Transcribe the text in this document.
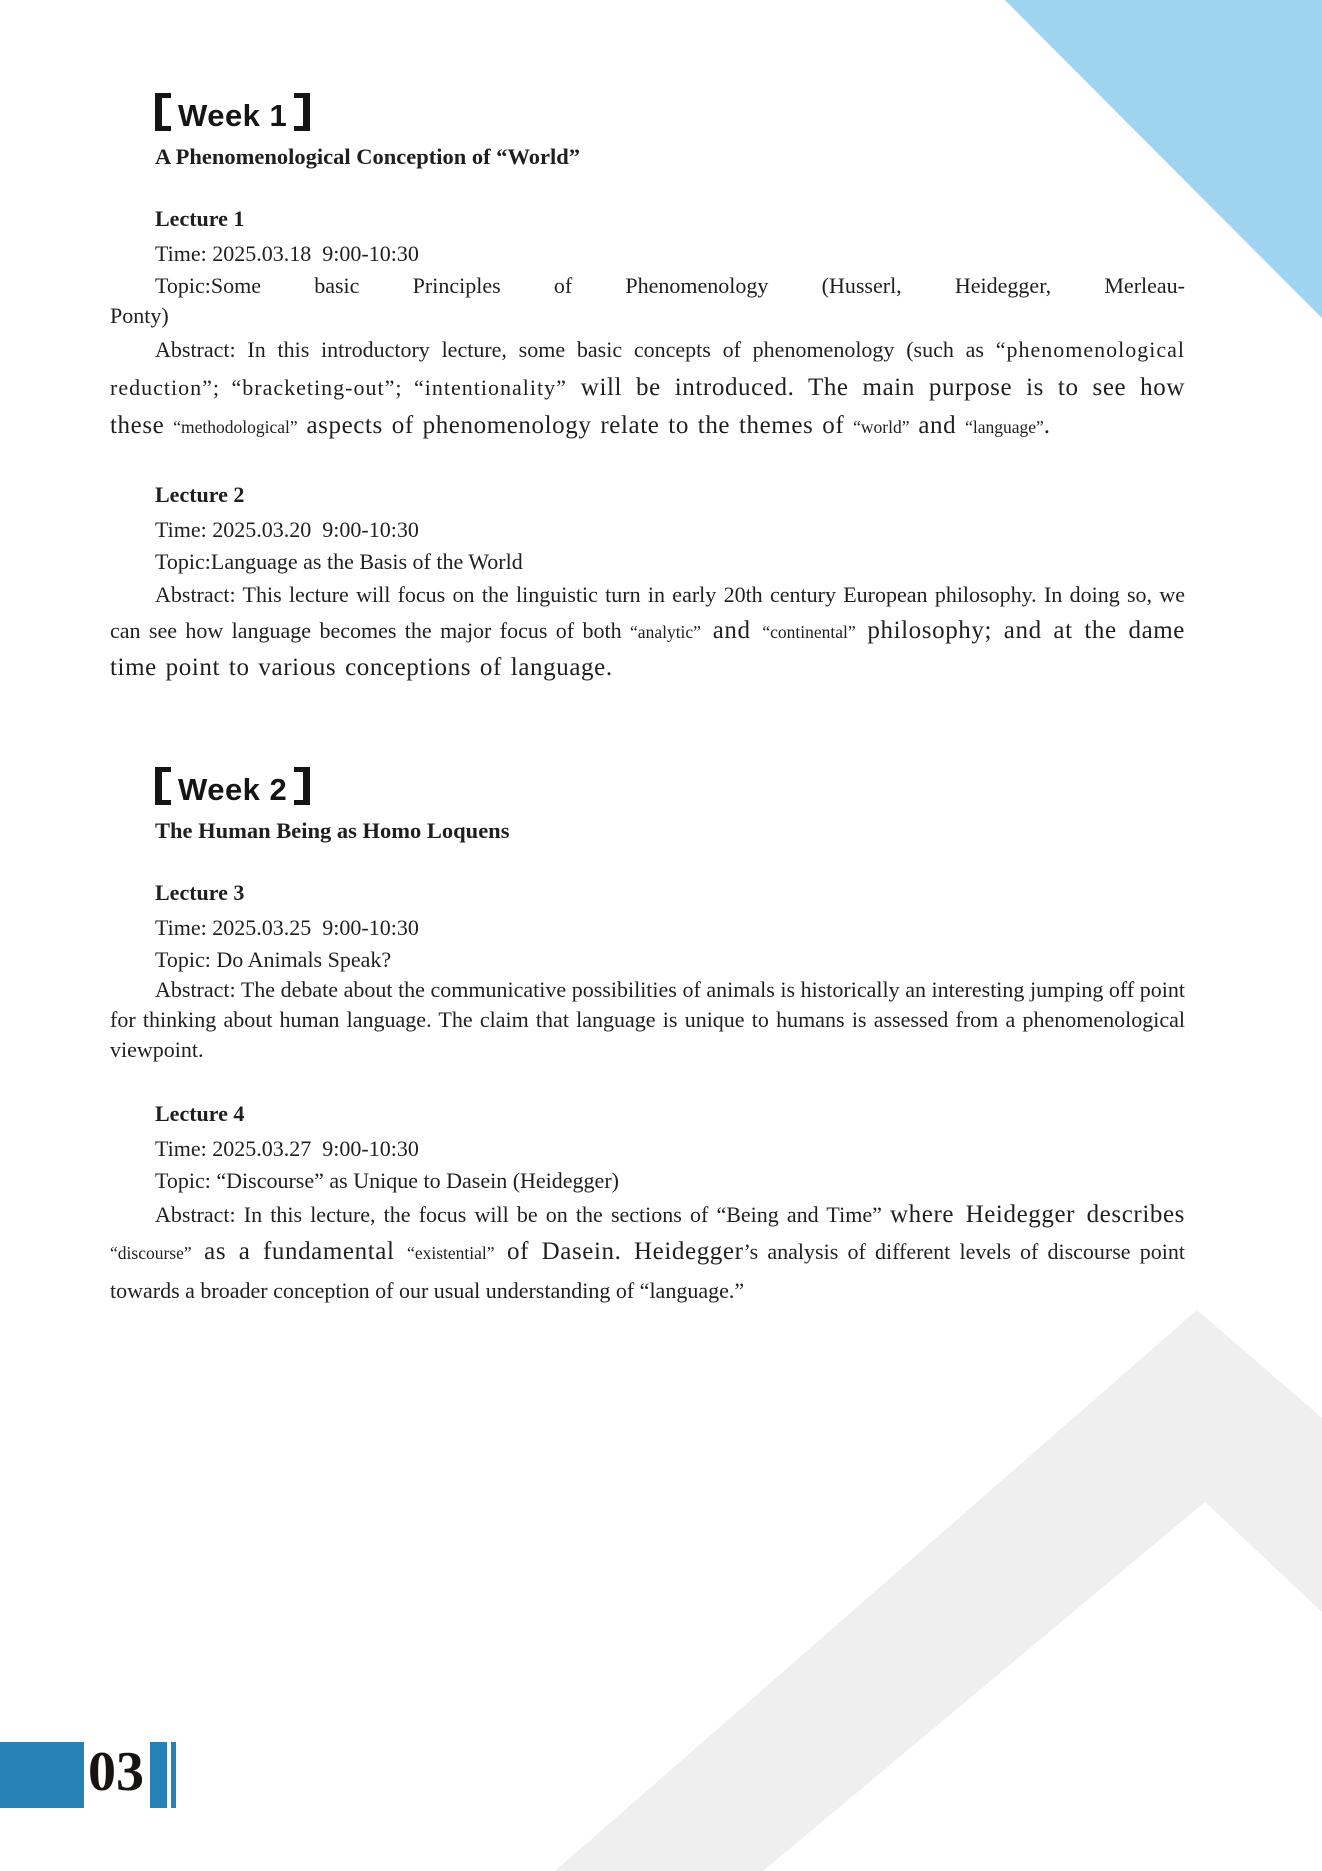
Week 1

A Phenomenological Conception of “World”

Lecture 1

Time: 2025.03.18  9:00-10:30

Topic:Some basic Principles of Phenomenology (Husserl, Heidegger, Merleau-
Ponty)

Abstract: In this introductory lecture, some basic concepts of phenomenology (such as “phenomenological reduction”; “bracketing-out”; “intentionality” will be introduced. The main purpose is to see how these “methodological” aspects of phenomenology relate to the themes of “world” and “language”.

Lecture 2

Time: 2025.03.20  9:00-10:30

Topic:Language as the Basis of the World

Abstract: This lecture will focus on the linguistic turn in early 20th century European philosophy. In doing so, we can see how language becomes the major focus of both “analytic” and “continental” philosophy; and at the dame time point to various conceptions of language.

Week 2

The Human Being as Homo Loquens

Lecture 3

Time: 2025.03.25  9:00-10:30

Topic: Do Animals Speak?

Abstract: The debate about the communicative possibilities of animals is historically an interesting jumping off point for thinking about human language. The claim that language is unique to humans is assessed from a phenomenological viewpoint.

Lecture 4

Time: 2025.03.27  9:00-10:30

Topic: “Discourse” as Unique to Dasein (Heidegger)

Abstract: In this lecture, the focus will be on the sections of “Being and Time” where Heidegger describes “discourse” as a fundamental “existential” of Dasein. Heidegger’s analysis of different levels of discourse point towards a broader conception of our usual understanding of “language.”

03
